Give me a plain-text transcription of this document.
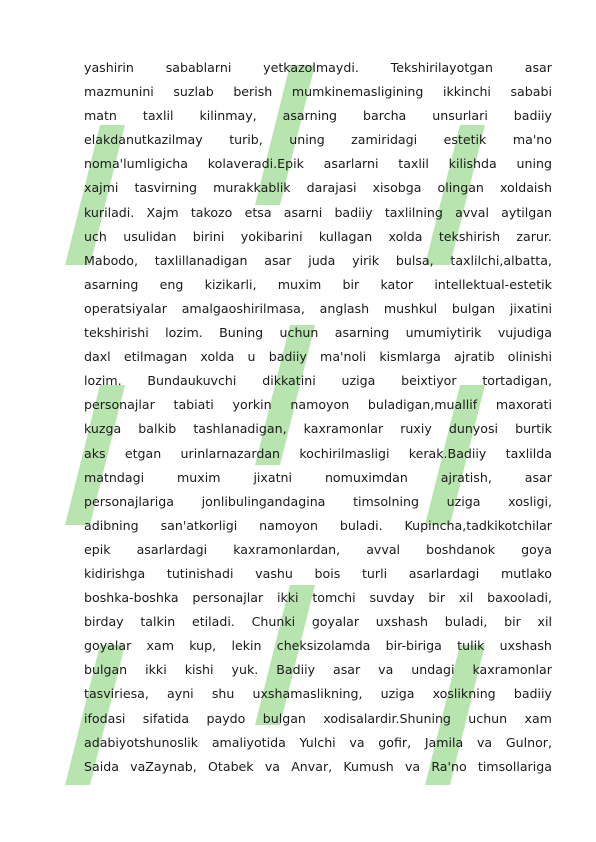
yashirin	sabablarni	yetkazolmaydi.	Tekshirilayotgan	asar
mazmunini suzlab berish mumkinemasligining ikkinchi sababi
matn taxlil kilinmay, asarning barcha unsurlari badiiy
elakdanutkazilmay turib, uning zamiridagi estetik ma'no
noma'lumligicha kolaveradi.Epik asarlarni taxlil kilishda uning
xajmi tasvirning murakkablik darajasi xisobga olingan xoldaish
kuriladi. Xajm takozo etsa asarni badiiy taxlilning avval aytilgan
uch usulidan birini yokibarini kullagan xolda tekshirish zarur.
Mabodo, taxlillanadigan asar juda yirik bulsa, taxlilchi,albatta,
asarning eng kizikarli, muxim bir kator intellektual-estetik
operatsiyalar amalgaoshirilmasa, anglash mushkul bulgan jixatini
tekshirishi lozim. Buning uchun asarning umumiytirik vujudiga
daxl etilmagan xolda u badiiy ma'noli kismlarga ajratib olinishi
lozim. Bundaukuvchi dikkatini uziga beixtiyor tortadigan,
personajlar tabiati yorkin namoyon buladigan,muallif maxorati
kuzga balkib tashlanadigan, kaxramonlar ruxiy dunyosi burtik
aks etgan urinlarnazardan kochirilmasligi kerak.Badiiy taxlilda
matndagi	muxim	jixatni	nomuximdan	ajratish,	asar
personajlariga jonlibulingandagina timsolning uziga xosligi,
adibning san'atkorligi namoyon buladi. Kupincha,tadkikotchilar
epik asarlardagi kaxramonlardan, avval boshdanok goya
kidirishga tutinishadi vashu bois turli asarlardagi mutlako
boshka-boshka personajlar ikki tomchi suvday bir xil baxooladi,
birday talkin etiladi. Chunki goyalar uxshash buladi, bir xil
goyalar xam kup, lekin cheksizolamda bir-biriga tulik uxshash
bulgan ikki kishi yuk. Badiiy asar va undagi kaxramonlar
tasviriesa, ayni shu uxshamaslikning, uziga xoslikning badiiy
ifodasi sifatida paydo bulgan xodisalardir.Shuning uchun xam
adabiyotshunoslik amaliyotida Yulchi va gofir, Jamila va Gulnor,
Saida vaZaynab, Otabek va Anvar, Kumush va Ra'no timsollariga
